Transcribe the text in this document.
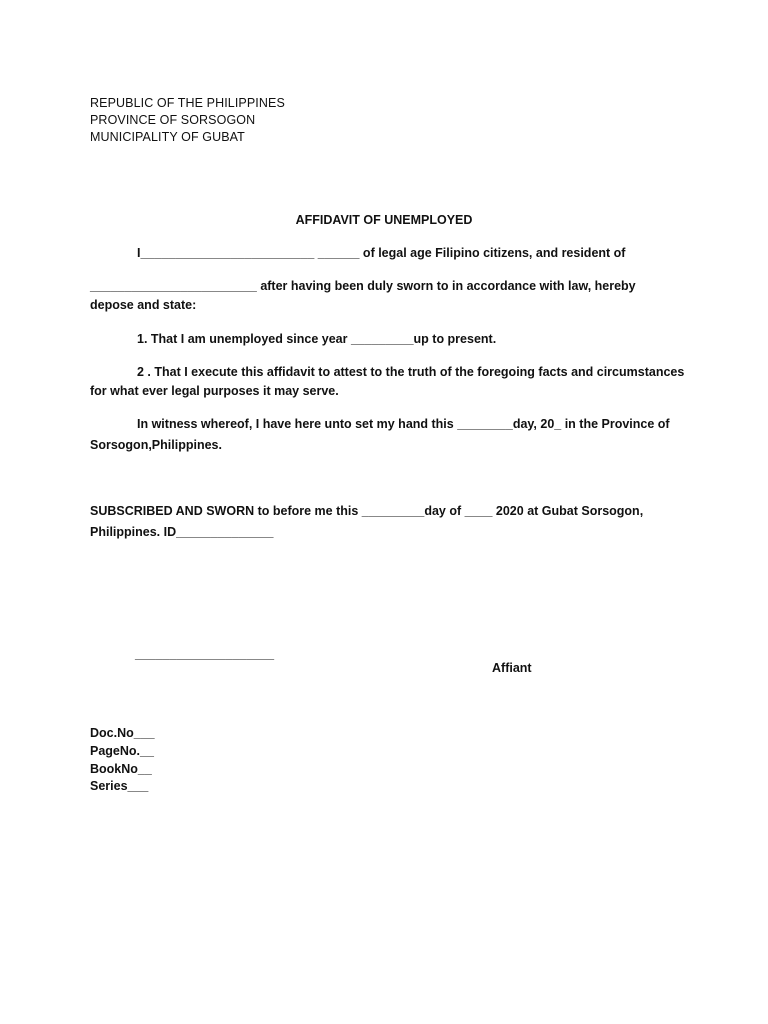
REPUBLIC OF THE PHILIPPINES
PROVINCE OF SORSOGON
MUNICIPALITY OF GUBAT
AFFIDAVIT OF UNEMPLOYED
I_________________________ ______ of legal age Filipino citizens, and resident of
________________________ after having been duly sworn to in accordance with law, hereby
depose and state:
1. That I am unemployed since year _________up to present.
2 . That I execute this affidavit to attest to the truth of the foregoing facts and circumstances
for what ever legal purposes it may serve.
In witness whereof, I have here unto set my hand this ________day, 20_ in the Province of
Sorsogon,Philippines.
SUBSCRIBED AND SWORN to before me this _________day of ____ 2020 at Gubat Sorsogon,
Philippines. ID______________
____________________
Affiant
Doc.No___
PageNo.__
BookNo__
Series___
